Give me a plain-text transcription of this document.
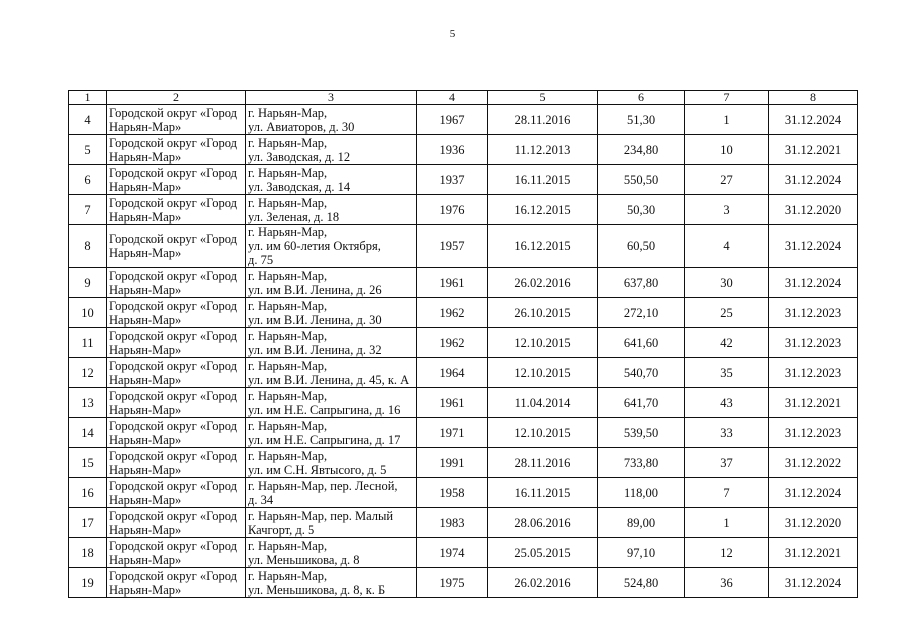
5
1	2	3	4	5	6	7	8
4	Городской округ «Город
Нарьян-Мар»	г. Нарьян-Мар,
ул. Авиаторов, д. 30	1967	28.11.2016	51,30	1	31.12.2024
5	Городской округ «Город
Нарьян-Мар»	г. Нарьян-Мар,
ул. Заводская, д. 12	1936	11.12.2013	234,80	10	31.12.2021
6	Городской округ «Город
Нарьян-Мар»	г. Нарьян-Мар,
ул. Заводская, д. 14	1937	16.11.2015	550,50	27	31.12.2024
7	Городской округ «Город
Нарьян-Мар»	г. Нарьян-Мар,
ул. Зеленая, д. 18	1976	16.12.2015	50,30	3	31.12.2020
8	Городской округ «Город
Нарьян-Мар»	г. Нарьян-Мар,
ул. им 60-летия Октября,
д. 75	1957	16.12.2015	60,50	4	31.12.2024
9	Городской округ «Город
Нарьян-Мар»	г. Нарьян-Мар,
ул. им В.И. Ленина, д. 26	1961	26.02.2016	637,80	30	31.12.2024
10	Городской округ «Город
Нарьян-Мар»	г. Нарьян-Мар,
ул. им В.И. Ленина, д. 30	1962	26.10.2015	272,10	25	31.12.2023
11	Городской округ «Город
Нарьян-Мар»	г. Нарьян-Мар,
ул. им В.И. Ленина, д. 32	1962	12.10.2015	641,60	42	31.12.2023
12	Городской округ «Город
Нарьян-Мар»	г. Нарьян-Мар,
ул. им В.И. Ленина, д. 45, к. А	1964	12.10.2015	540,70	35	31.12.2023
13	Городской округ «Город
Нарьян-Мар»	г. Нарьян-Мар,
ул. им Н.Е. Сапрыгина, д. 16	1961	11.04.2014	641,70	43	31.12.2021
14	Городской округ «Город
Нарьян-Мар»	г. Нарьян-Мар,
ул. им Н.Е. Сапрыгина, д. 17	1971	12.10.2015	539,50	33	31.12.2023
15	Городской округ «Город
Нарьян-Мар»	г. Нарьян-Мар,
ул. им С.Н. Явтысого, д. 5	1991	28.11.2016	733,80	37	31.12.2022
16	Городской округ «Город
Нарьян-Мар»	г. Нарьян-Мар, пер. Лесной,
д. 34	1958	16.11.2015	118,00	7	31.12.2024
17	Городской округ «Город
Нарьян-Мар»	г. Нарьян-Мар, пер. Малый
Качгорт, д. 5	1983	28.06.2016	89,00	1	31.12.2020
18	Городской округ «Город
Нарьян-Мар»	г. Нарьян-Мар,
ул. Меньшикова, д. 8	1974	25.05.2015	97,10	12	31.12.2021
19	Городской округ «Город
Нарьян-Мар»	г. Нарьян-Мар,
ул. Меньшикова, д. 8, к. Б	1975	26.02.2016	524,80	36	31.12.2024
